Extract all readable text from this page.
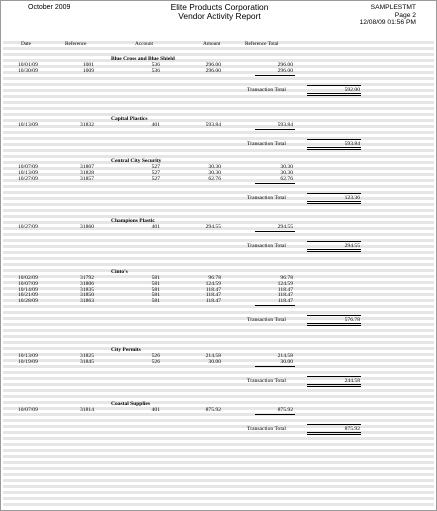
October 2009	Elite Products Corporation
Vendor Activity Report
SAMPLESTMT
Page 2
12/08/09 01:56 PM
Date	Reference	Account	Amount	Reference Total
Blue Cross and Blue Shield
10/01/09	1001	536	296.00	296.00
10/30/09	1009	536	296.00	296.00
Transaction Total	592.00
Capital Plastics
10/13/09	31832	401	593.84	593.84
Transaction Total	593.84
Central City Security
10/07/09	31807	527	30.30	30.30
10/13/09	31828	527	30.30	30.30
10/27/09	31857	527	62.76	62.76
Transaction Total	123.36
Champions Plastic
10/27/09	31860	401	294.55	294.55
Transaction Total	294.55
Cinto's
10/02/09	31792	581	96.78	96.78
10/07/09	31806	581	124.59	124.59
10/14/09	31835	581	118.47	118.47
10/21/09	31850	581	118.47	118.47
10/28/09	31863	581	118.47	118.47
Transaction Total	576.78
City Permits
10/13/09	31825	526	214.58	214.58
10/19/09	31845	526	30.00	30.00
Transaction Total	244.58
Coastal Supplies
10/07/09	31814	401	875.92	875.92
Transaction Total	875.92
